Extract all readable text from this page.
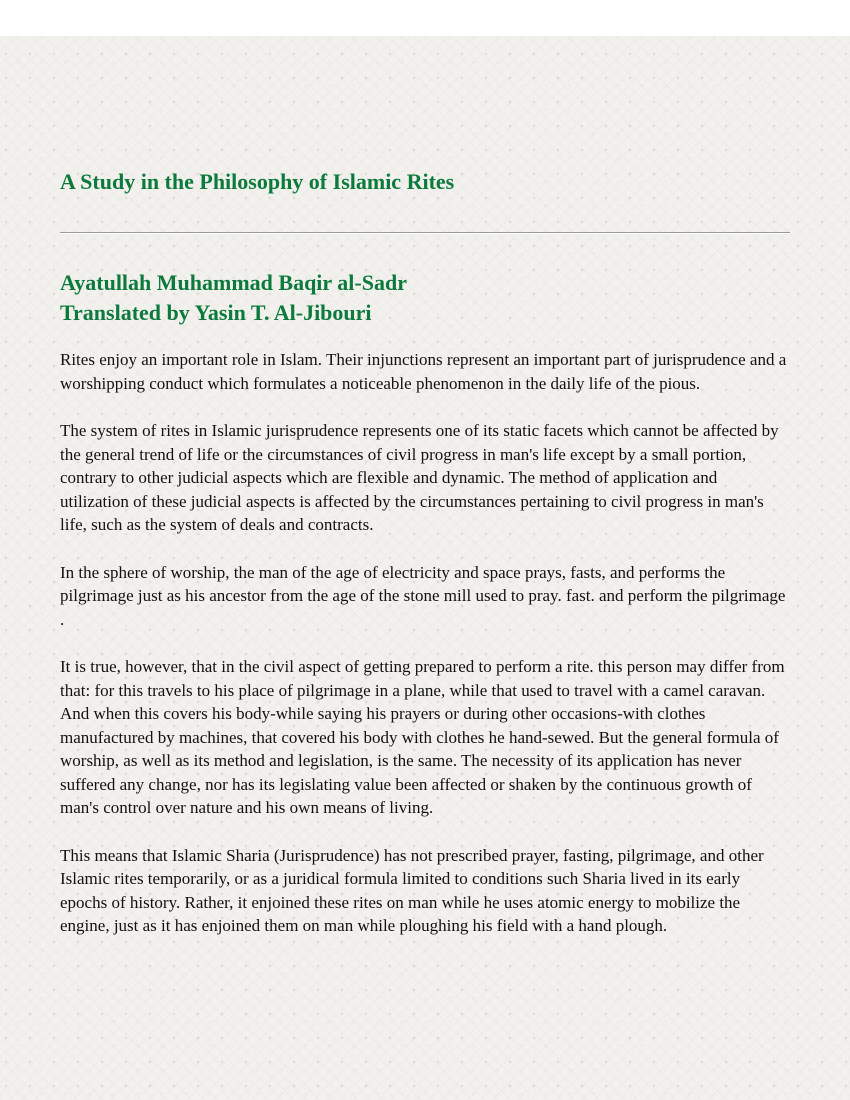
A Study in the Philosophy of Islamic Rites
Ayatullah Muhammad Baqir al-Sadr
Translated by Yasin T. Al-Jibouri

Rites enjoy an important role in Islam. Their injunctions represent an important part of jurisprudence and a worshipping conduct which formulates a noticeable phenomenon in the daily life of the pious.

The system of rites in Islamic jurisprudence represents one of its static facets which cannot be affected by the general trend of life or the circumstances of civil progress in man's life except by a small portion, contrary to other judicial aspects which are flexible and dynamic. The method of application and utilization of these judicial aspects is affected by the circumstances pertaining to civil progress in man's life, such as the system of deals and contracts.

In the sphere of worship, the man of the age of electricity and space prays, fasts, and performs the pilgrimage just as his ancestor from the age of the stone mill used to pray. fast. and perform the pilgrimage .

It is true, however, that in the civil aspect of getting prepared to perform a rite. this person may differ from that: for this travels to his place of pilgrimage in a plane, while that used to travel with a camel caravan. And when this covers his body-while saying his prayers or during other occasions-with clothes manufactured by machines, that covered his body with clothes he hand-sewed. But the general formula of worship, as well as its method and legislation, is the same. The necessity of its application has never suffered any change, nor has its legislating value been affected or shaken by the continuous growth of man's control over nature and his own means of living.

This means that Islamic Sharia (Jurisprudence) has not prescribed prayer, fasting, pilgrimage, and other Islamic rites temporarily, or as a juridical formula limited to conditions such Sharia lived in its early epochs of history. Rather, it enjoined these rites on man while he uses atomic energy to mobilize the engine, just as it has enjoined them on man while ploughing his field with a hand plough.
